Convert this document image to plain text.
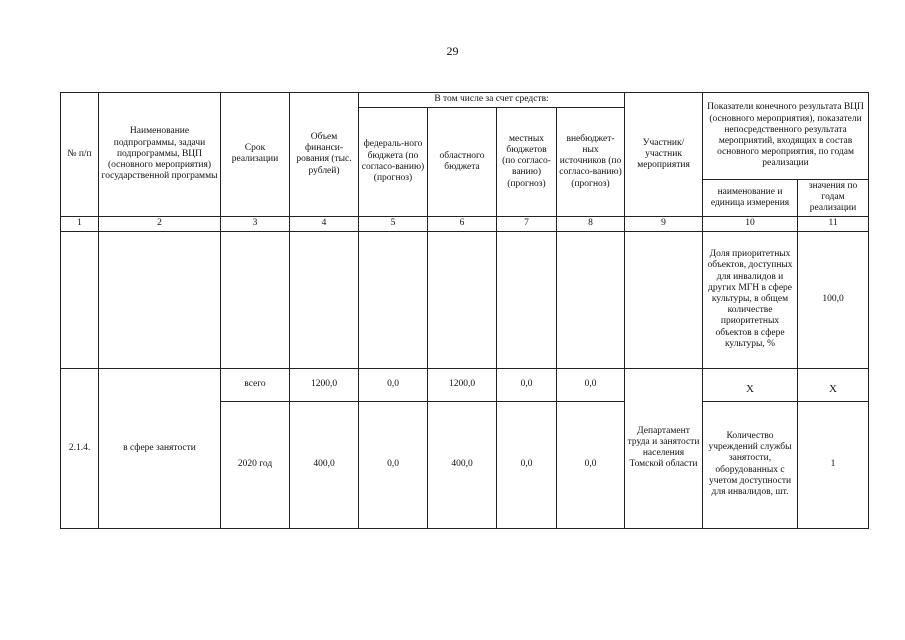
29
№ п/п	Наименование подпрограммы, задачи подпрограммы, ВЦП (основного мероприятия) государственной программы	Срок реализации	Объем финанси-рования (тыс. рублей)	В том числе за счет средств:				Участник/ участник мероприятия	Показатели конечного результата ВЦП (основного мероприятия), показатели непосредственного результата мероприятий, входящих в состав основного мероприятия, по годам реализации	
				федераль-ного бюджета (по согласо-ванию) (прогноз)	областного бюджета	местных бюджетов (по согласо-ванию) (прогноз)	внебюджет-ных источников (по согласо-ванию) (прогноз)			
									наименование и единица измерения	значения по годам реализации
1	2	3	4	5	6	7	8	9	10	11
									Доля приоритетных объектов, доступных для инвалидов и других МГН в сфере культуры, в общем количестве приоритетных объектов в сфере культуры, %	100,0
2.1.4.	в сфере занятости	всего	1200,0	0,0	1200,0	0,0	0,0	Департамент труда и занятости населения Томской области	Х	Х

		2020 год	400,0	0,0	400,0	0,0	0,0		Количество учреждений службы занятости, оборудованных с учетом доступности для инвалидов, шт.	1
